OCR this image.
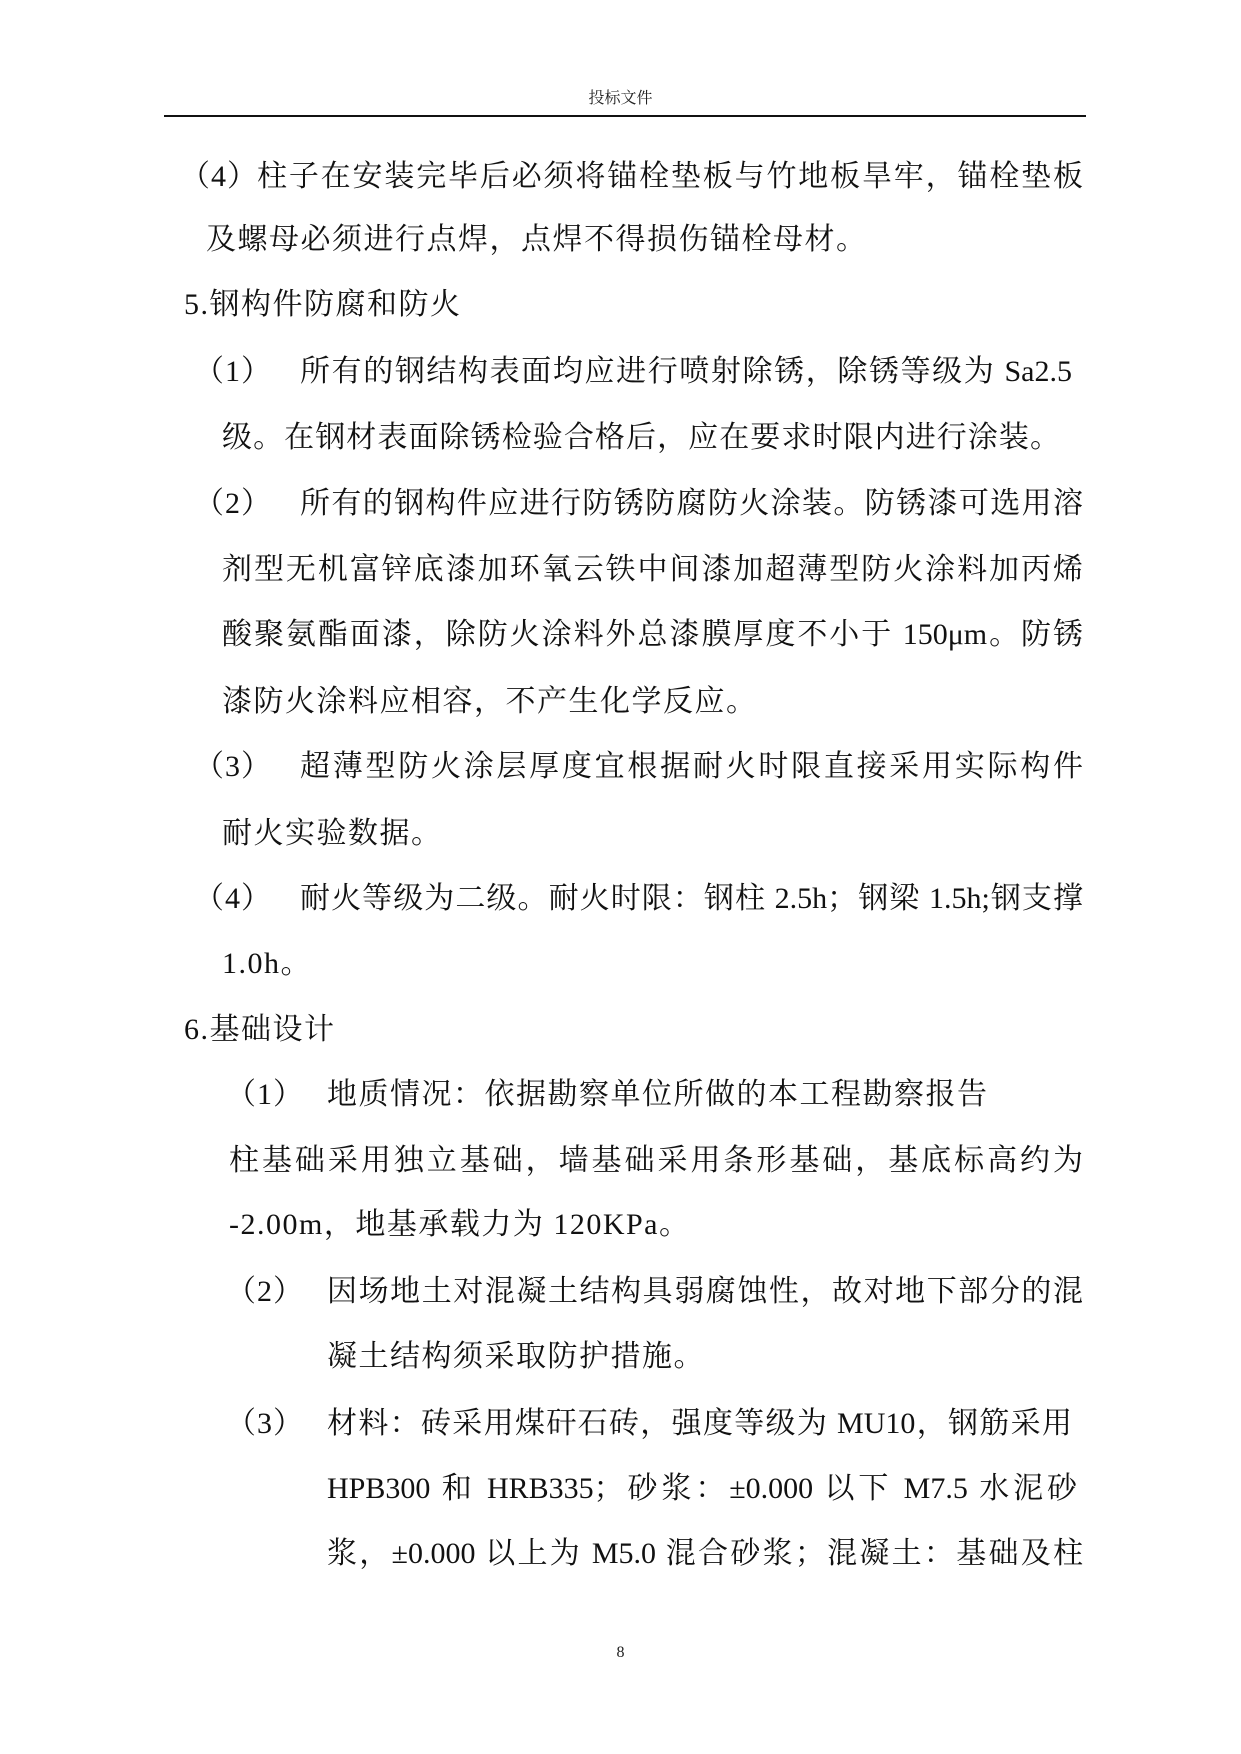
投标文件
（4） 柱子在安装完毕后必须将锚栓垫板与竹地板旱牢，锚栓垫板
及螺母必须进行点焊，点焊不得损伤锚栓母材。
5.钢构件防腐和防火
（1） 所有的钢结构表面均应进行喷射除锈，除锈等级为 Sa2.5
级。在钢材表面除锈检验合格后，应在要求时限内进行涂装。
（2） 所有的钢构件应进行防锈防腐防火涂装。防锈漆可选用溶
剂型无机富锌底漆加环氧云铁中间漆加超薄型防火涂料加丙烯
酸聚氨酯面漆，除防火涂料外总漆膜厚度不小于 150μm。防锈
漆防火涂料应相容，不产生化学反应。
（3） 超薄型防火涂层厚度宜根据耐火时限直接采用实际构件
耐火实验数据。
（4） 耐火等级为二级。耐火时限：钢柱 2.5h；钢梁 1.5h;钢支撑
1.0h。
6.基础设计
（1） 地质情况：依据勘察单位所做的本工程勘察报告
柱基础采用独立基础，墙基础采用条形基础，基底标高约为
-2.00m，地基承载力为 120KPa。
（2） 因场地土对混凝土结构具弱腐蚀性，故对地下部分的混
凝土结构须采取防护措施。
（3） 材料：砖采用煤矸石砖，强度等级为 MU10，钢筋采用
HPB300 和 HRB335；砂浆：±0.000 以下 M7.5 水泥砂
浆，±0.000 以上为 M5.0 混合砂浆；混凝土：基础及柱
8
